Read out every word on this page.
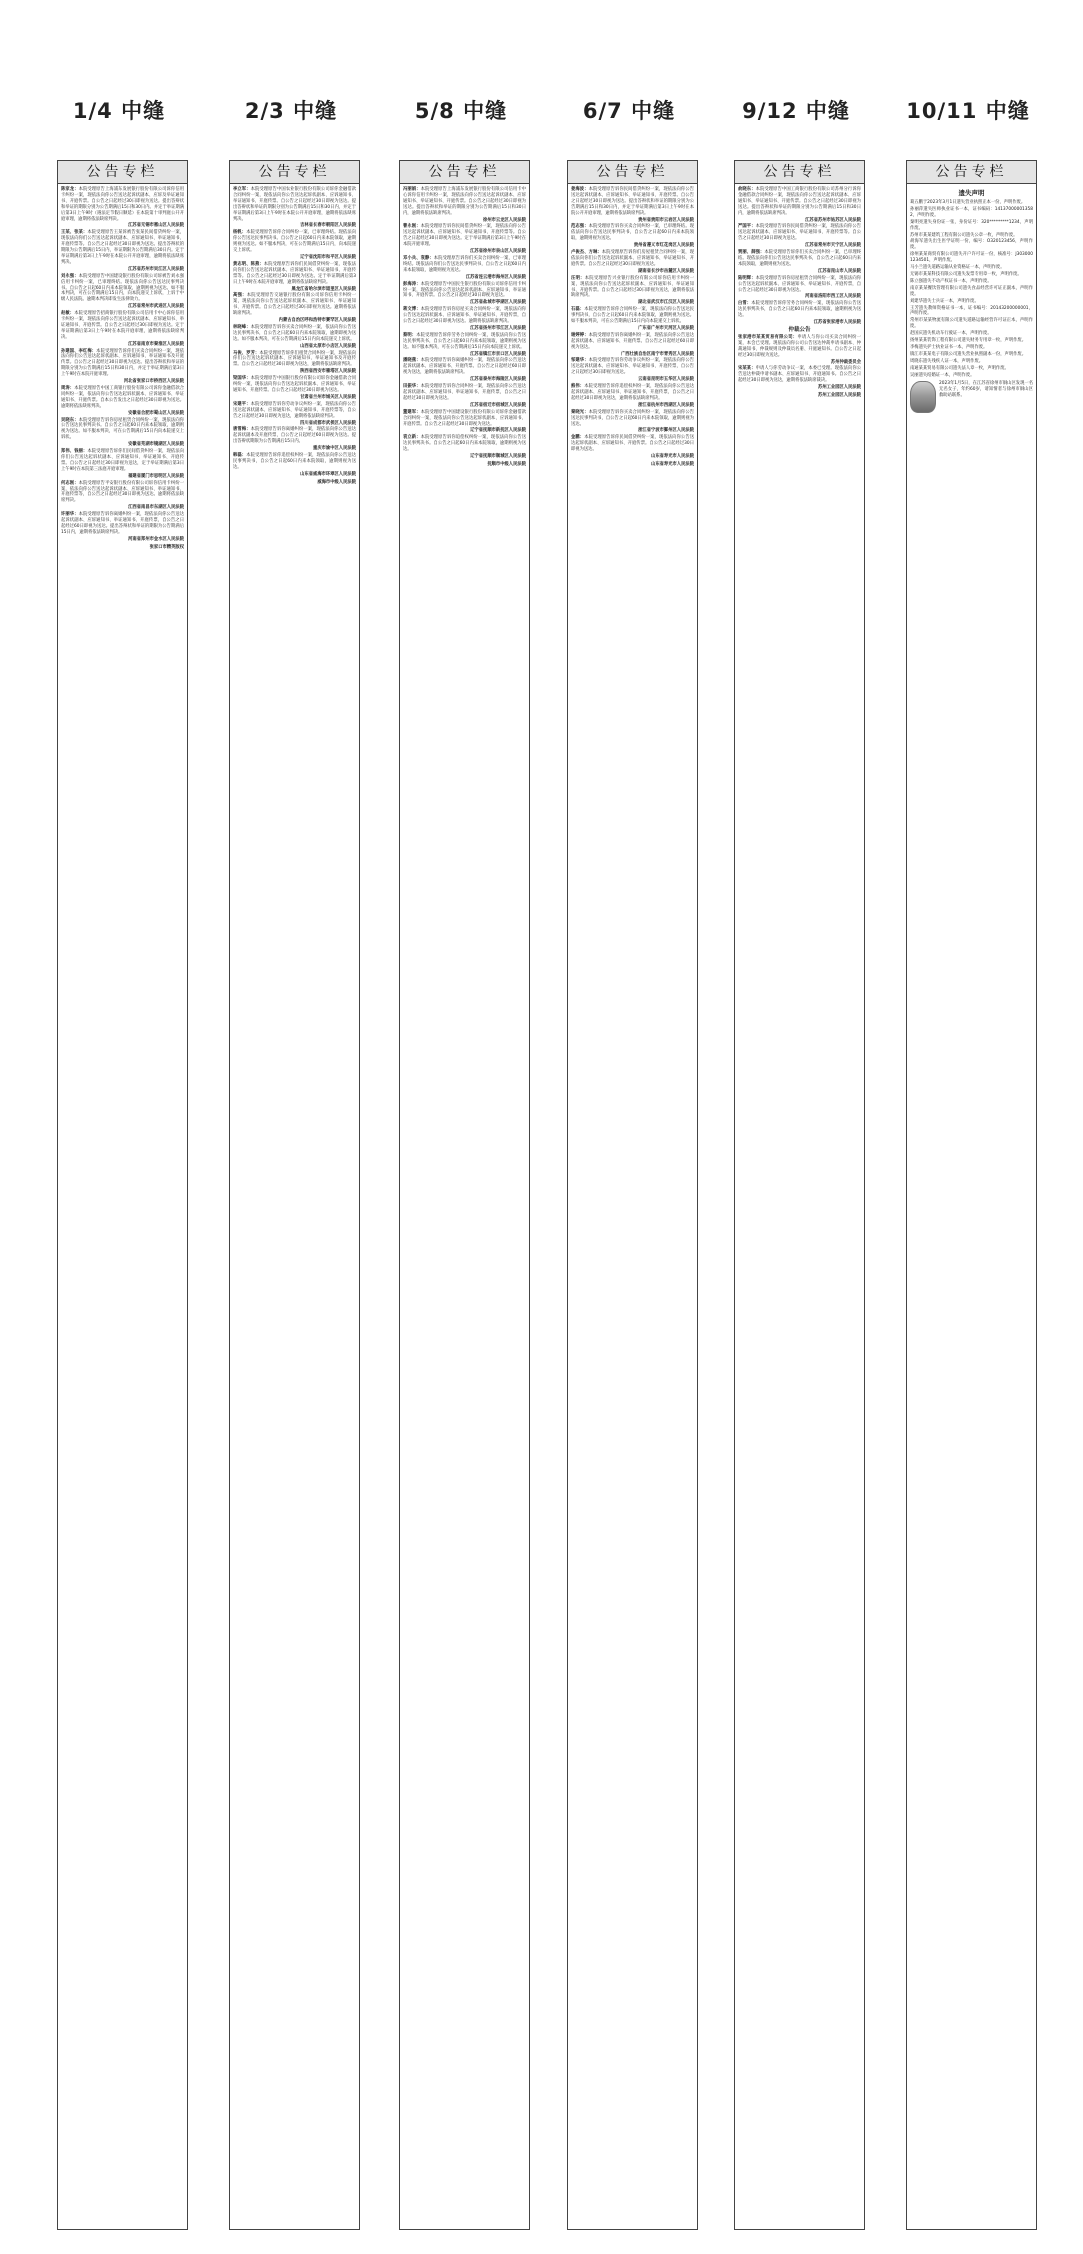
1/4 中缝	2/3 中缝	5/8 中缝	6/7 中缝	9/12 中缝	10/11 中缝
公告专栏
陈家龙：本院受理原告上海浦东发展银行股份有限公司诉你信用卡纠纷一案，现依法向你公告送达起诉状副本、应诉及举证通知书、开庭传票。自公告之日起经过30日即视为送达。提出答辩状和举证的期限分别为公告期满后15日和30日内。并定于举证期满后第3日上午9时（遇法定节假日顺延）在本院第十审判庭公开开庭审理，逾期将依法缺席判决。
江苏省无锡市惠山区人民法院
王某、张某：本院受理原告王某诉被告张某民间借贷纠纷一案，现依法向你们公告送达起诉状副本、应诉通知书、举证通知书、开庭传票等。自公告之日起经过30日即视为送达。提出答辩状的期限为公告期满后15日内，举证期限为公告期满后30日内。定于举证期满后第3日上午9时在本院公开开庭审理，逾期将依法缺席判决。
江苏省苏州市吴江区人民法院
刘永强：本院受理原告中国建设银行股份有限公司诉被告刘永强信用卡纠纷一案，已审理终结。现依法向你公告送达民事判决书。自公告之日起60日内来本院领取，逾期则视为送达。如不服本判决，可在公告期满后15日内，向本院递交上诉状，上诉于中级人民法院。逾期本判决即发生法律效力。
江苏省常州市武进区人民法院
赵敏：本院受理原告招商银行股份有限公司信用卡中心诉你信用卡纠纷一案，现依法向你公告送达起诉状副本、应诉通知书、举证通知书、开庭传票。自公告之日起经过30日即视为送达。定于举证期满后第3日上午9时在本院开庭审理，逾期将依法缺席判决。
江苏省南京市秦淮区人民法院
孙建国、李红梅：本院受理原告诉你们买卖合同纠纷一案，现依法向你们公告送达起诉状副本、应诉通知书、举证通知书及开庭传票。自公告之日起经过30日即视为送达。提出答辩状和举证的期限分别为公告期满后15日和30日内，并定于举证期满后第3日上午9时在本院开庭审理。
河北省张家口市桥西区人民法院
周涛：本院受理原告中国工商银行股份有限公司诉你金融借款合同纠纷一案，依法向你公告送达起诉状副本、应诉通知书、举证通知书、开庭传票。自本公告发出之日起经过30日即视为送达。逾期将依法缺席判决。
安徽省合肥市蜀山区人民法院
吴晓东：本院受理原告诉你房屋租赁合同纠纷一案，现依法向你公告送达民事判决书。自公告之日起60日内来本院领取，逾期则视为送达。如不服本判决，可在公告期满后15日内向本院递交上诉状。
安徽省芜湖市镜湖区人民法院
郑伟、钱丽：本院受理原告诉你们民间借贷纠纷一案，现依法向你们公告送达起诉状副本、应诉通知书、举证通知书、开庭传票。自公告之日起经过30日即视为送达，定于举证期满后第3日上午9时在本院第三法庭开庭审理。
福建省厦门市思明区人民法院
何志刚：本院受理原告平安银行股份有限公司诉你信用卡纠纷一案，依法向你公告送达起诉状副本、应诉通知书、举证通知书、开庭传票等，自公告之日起经过30日即视为送达。逾期将依法缺席判决。
江西省南昌市东湖区人民法院
许丽华：本院受理原告诉你离婚纠纷一案，现依法向你公告送达起诉状副本、应诉通知书、举证通知书、开庭传票，自公告之日起经过60日即视为送达。提出答辩状和举证的期限为公告期满后15日内，逾期将依法缺席判决。
河南省郑州市金水区人民法院
张家口市精英版权
公告专栏
李立军：本院受理原告中国农业银行股份有限公司诉你金融借款合同纠纷一案，现依法向你公告送达起诉状副本、应诉通知书、举证通知书、开庭传票。自公告之日起经过30日即视为送达。提出答辩状和举证的期限分别为公告期满后15日和30日内，并定于举证期满后第3日上午9时在本院公开开庭审理，逾期将依法缺席判决。
吉林省长春市朝阳区人民法院
杨帆：本院受理原告诉你合同纠纷一案，已审理终结。现依法向你公告送达民事判决书。自公告之日起60日内来本院领取，逾期则视为送达。如不服本判决，可在公告期满后15日内，向本院递交上诉状。
辽宁省沈阳市和平区人民法院
黄志明、陈燕：本院受理原告诉你们民间借贷纠纷一案，现依法向你们公告送达起诉状副本、应诉通知书、举证通知书、开庭传票等。自公告之日起经过30日即视为送达。定于举证期满后第3日上午9时在本院开庭审理，逾期将依法缺席判决。
黑龙江省哈尔滨市道里区人民法院
高强：本院受理原告交通银行股份有限公司诉你信用卡纠纷一案，现依法向你公告送达起诉状副本、应诉通知书、举证通知书、开庭传票。自公告之日起经过30日即视为送达。逾期将依法缺席判决。
内蒙古自治区呼和浩特市赛罕区人民法院
林晓峰：本院受理原告诉你买卖合同纠纷一案，依法向你公告送达民事判决书，自公告之日起60日内来本院领取，逾期即视为送达。如不服本判决，可在公告期满后15日内向本院递交上诉状。
山西省太原市小店区人民法院
马俊、罗芳：本院受理原告诉你们租赁合同纠纷一案，现依法向你们公告送达起诉状副本、应诉通知书、举证通知书及开庭传票。自公告之日起经过30日即视为送达，逾期将依法缺席判决。
陕西省西安市雁塔区人民法院
梁国华：本院受理原告中国银行股份有限公司诉你金融借款合同纠纷一案，现依法向你公告送达起诉状副本、应诉通知书、举证通知书、开庭传票。自公告之日起经过30日即视为送达。
甘肃省兰州市城关区人民法院
宋建平：本院受理原告诉你劳动争议纠纷一案，现依法向你公告送达起诉状副本、应诉通知书、举证通知书、开庭传票等，自公告之日起经过30日即视为送达，逾期将依法缺席判决。
四川省成都市武侯区人民法院
唐雪梅：本院受理原告诉你离婚纠纷一案，现依法向你公告送达起诉状副本及开庭传票，自公告之日起经过60日即视为送达。提出答辩状期限为公告期满后15日内。
重庆市渝中区人民法院
韩磊：本院受理原告诉你追偿权纠纷一案，现依法向你公告送达民事判决书，自公告之日起60日内来本院领取，逾期则视为送达。
山东省威海市环翠区人民法院
威海市中级人民法院
公告专栏
冯丽娟：本院受理原告上海浦东发展银行股份有限公司信用卡中心诉你信用卡纠纷一案，现依法向你公告送达起诉状副本、应诉通知书、举证通知书、开庭传票。自公告之日起经过30日即视为送达。提出答辩状和举证的期限分别为公告期满后15日和30日内，逾期将依法缺席判决。
徐州市云龙区人民法院
曹永刚：本院受理原告诉你民间借贷纠纷一案，现依法向你公告送达起诉状副本、应诉通知书、举证通知书、开庭传票等。自公告之日起经过30日即视为送达。定于举证期满后第3日上午9时在本院开庭审理。
江苏省徐州市泉山区人民法院
邓小兵、袁静：本院受理原告诉你们买卖合同纠纷一案，已审理终结。现依法向你们公告送达民事判决书，自公告之日起60日内来本院领取，逾期则视为送达。
江苏省连云港市海州区人民法院
彭海涛：本院受理原告中国民生银行股份有限公司诉你信用卡纠纷一案，现依法向你公告送达起诉状副本、应诉通知书、举证通知书、开庭传票。自公告之日起经过30日即视为送达。
江苏省盐城市亭湖区人民法院
蒋文博：本院受理原告诉你房屋买卖合同纠纷一案，现依法向你公告送达起诉状副本、应诉通知书、举证通知书、开庭传票，自公告之日起经过30日即视为送达。逾期将依法缺席判决。
江苏省扬州市邗江区人民法院
蔡明：本院受理原告诉你劳务合同纠纷一案，现依法向你公告送达民事判决书，自公告之日起60日内来本院领取，逾期则视为送达。如不服本判决，可在公告期满后15日内向本院递交上诉状。
江苏省镇江市京口区人民法院
潘晓燕：本院受理原告诉你离婚纠纷一案，现依法向你公告送达起诉状副本、应诉通知书、开庭传票。自公告之日起经过60日即视为送达，逾期将依法缺席判决。
江苏省泰州市海陵区人民法院
田振华：本院受理原告诉你合同纠纷一案，现依法向你公告送达起诉状副本、应诉通知书、举证通知书、开庭传票，自公告之日起经过30日即视为送达。
江苏省宿迁市宿城区人民法院
董建军：本院受理原告中国建设银行股份有限公司诉你金融借款合同纠纷一案，现依法向你公告送达起诉状副本、应诉通知书、开庭传票。自公告之日起经过30日即视为送达。
辽宁省抚顺市新抚区人民法院
袁立新：本院受理原告诉你追偿权纠纷一案，现依法向你公告送达民事判决书。自公告之日起60日内来本院领取，逾期则视为送达。
辽宁省抚顺市顺城区人民法院
抚顺市中级人民法院
公告专栏
姜海波：本院受理原告诉你民间借贷纠纷一案，现依法向你公告送达起诉状副本、应诉通知书、举证通知书、开庭传票。自公告之日起经过30日即视为送达。提出答辩状和举证的期限分别为公告期满后15日和30日内，并定于举证期满后第3日上午9时在本院公开开庭审理，逾期将依法缺席判决。
贵州省贵阳市云岩区人民法院
范志强：本院受理原告诉你买卖合同纠纷一案，已审理终结。现依法向你公告送达民事判决书，自公告之日起60日内来本院领取，逾期则视为送达。
贵州省遵义市红花岗区人民法院
卢俊杰、方琳：本院受理原告诉你们房屋租赁合同纠纷一案，现依法向你们公告送达起诉状副本、应诉通知书、举证通知书、开庭传票。自公告之日起经过30日即视为送达。
湖南省长沙市岳麓区人民法院
汪明：本院受理原告兴业银行股份有限公司诉你信用卡纠纷一案，现依法向你公告送达起诉状副本、应诉通知书、举证通知书、开庭传票。自公告之日起经过30日即视为送达，逾期将依法缺席判决。
湖北省武汉市江汉区人民法院
石磊：本院受理原告诉你合同纠纷一案，现依法向你公告送达民事判决书，自公告之日起60日内来本院领取，逾期则视为送达。如不服本判决，可在公告期满后15日内向本院递交上诉状。
广东省广州市天河区人民法院
谢婷婷：本院受理原告诉你离婚纠纷一案，现依法向你公告送达起诉状副本、应诉通知书、开庭传票。自公告之日起经过60日即视为送达。
广西壮族自治区南宁市青秀区人民法院
邹建华：本院受理原告诉你劳动争议纠纷一案，现依法向你公告送达起诉状副本、应诉通知书、举证通知书、开庭传票，自公告之日起经过30日即视为送达。
云南省昆明市五华区人民法院
熊伟：本院受理原告诉你追偿权纠纷一案，现依法向你公告送达起诉状副本、应诉通知书、举证通知书、开庭传票，自公告之日起经过30日即视为送达，逾期将依法缺席判决。
浙江省杭州市西湖区人民法院
秦晓光：本院受理原告诉你买卖合同纠纷一案，现依法向你公告送达民事判决书，自公告之日起60日内来本院领取，逾期则视为送达。
浙江省宁波市鄞州区人民法院
金鹏：本院受理原告诉你民间借贷纠纷一案，现依法向你公告送达起诉状副本、应诉通知书、开庭传票。自公告之日起经过30日即视为送达。
山东省寿光市人民法院
山东省寿光市人民法院
公告专栏
俞晓东：本院受理原告中国工商银行股份有限公司苏州分行诉你金融借款合同纠纷一案，现依法向你公告送达起诉状副本、应诉通知书、举证通知书、开庭传票。自公告之日起经过30日即视为送达。提出答辩状和举证的期限分别为公告期满后15日和30日内，逾期将依法缺席判决。
江苏省苏州市姑苏区人民法院
严国平：本院受理原告诉你民间借贷纠纷一案，现依法向你公告送达起诉状副本、应诉通知书、举证通知书、开庭传票等。自公告之日起经过30日即视为送达。
江苏省常州市天宁区人民法院
贾丽、薛强：本院受理原告诉你们买卖合同纠纷一案，已审理终结。现依法向你们公告送达民事判决书，自公告之日起60日内来本院领取，逾期则视为送达。
江苏省昆山市人民法院
陆明辉：本院受理原告诉你房屋租赁合同纠纷一案，现依法向你公告送达起诉状副本、应诉通知书、举证通知书、开庭传票，自公告之日起经过30日即视为送达。
河南省洛阳市西工区人民法院
白雪：本院受理原告诉你劳务合同纠纷一案，现依法向你公告送达民事判决书，自公告之日起60日内来本院领取，逾期则视为送达。
江苏省张家港市人民法院
仲裁公告
张家港市某某贸易有限公司：申请人与你公司买卖合同纠纷一案，本会已受理。现依法向你公司公告送达仲裁申请书副本、仲裁通知书、仲裁规则及仲裁员名册、开庭通知书。自公告之日起经过30日即视为送达。
苏州仲裁委员会
宋某某：申请人与你劳动争议一案，本委已受理。现依法向你公告送达仲裁申请书副本、应诉通知书、开庭通知书。自公告之日起经过30日即视为送达，逾期将依法缺席裁决。
苏州工业园区人民法院
苏州工业园区人民法院
公告专栏
遗失声明
葛五鹏于2023年3月1日遗失营业执照正本一份，声明作废。
孙丽萍遗失医师执业证书一本，证书编码：141370000013582，声明作废。
秦明亮遗失身份证一张，身份证号：320*********1234，声明作废。
苏州市某某建筑工程有限公司遗失公章一枚，声明作废。
胡海军遗失出生医学证明一份，编号：O320123456，声明作废。
徐州某某商贸有限公司遗失开户许可证一份，核准号：J3030001234501，声明作废。
马小兰遗失道路运输从业资格证一本，声明作废。
无锡市某某科技有限公司遗失发票专用章一枚，声明作废。
陈立强遗失不动产权证书一本，声明作废。
南京某某餐饮管理有限公司遗失食品经营许可证正副本，声明作废。
刘建华遗失士兵证一本，声明作废。
王芳遗失教师资格证书一本，证书编号：20143200000001，声明作废。
常州市某某物流有限公司遗失道路运输经营许可证正本，声明作废。
赵国庆遗失机动车行驶证一本，声明作废。
扬州某某装饰工程有限公司遗失财务专用章一枚，声明作废。
李梅遗失护士执业证书一本，声明作废。
镇江市某某电子有限公司遗失营业执照副本一份，声明作废。
周晓东遗失残疾人证一本，声明作废。
南通某某贸易有限公司遗失法人章一枚，声明作废。
吴丽遗失结婚证一本，声明作废。
2023年1月5日，在江苏省徐州市铜山区发现一名无名女子，年约60岁，请知情者与徐州市铜山区救助站联系。
